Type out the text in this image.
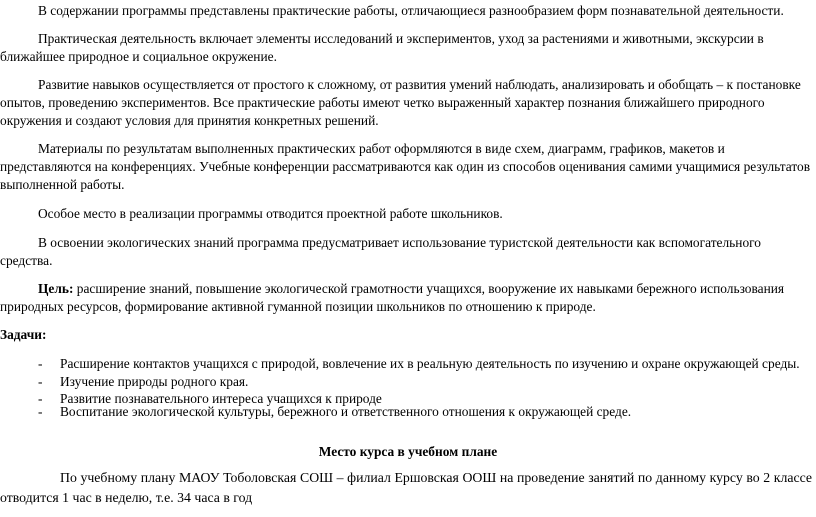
В содержании программы представлены практические работы, отличающиеся разнообразием форм познавательной деятельности.

Практическая деятельность включает элементы исследований и экспериментов, уход за растениями и животными, экскурсии в ближайшее природное и социальное окружение.

Развитие навыков осуществляется от простого к сложному, от развития умений наблюдать, анализировать и обобщать – к постановке опытов, проведению экспериментов. Все практические работы имеют четко выраженный характер познания ближайшего природного окружения и создают условия для принятия конкретных решений.

Материалы по результатам выполненных практических работ оформляются в виде схем, диаграмм, графиков, макетов и представляются на конференциях. Учебные конференции рассматриваются как один из способов оценивания самими учащимися результатов выполненной работы.

Особое место в реализации программы отводится проектной работе школьников.

В освоении экологических знаний программа предусматривает использование туристской деятельности как вспомогательного средства.

Цель: расширение знаний, повышение экологической грамотности учащихся, вооружение их навыками бережного использования природных ресурсов, формирование активной гуманной позиции школьников по отношению к природе.

Задачи:
- Расширение контактов учащихся с природой, вовлечение их в реальную деятельность по изучению и охране окружающей среды.
- Изучение природы родного края.
- Развитие познавательного интереса учащихся к природе
- Воспитание экологической культуры, бережного и ответственного отношения к окружающей среде.
Место курса в учебном плане

По учебному плану МАОУ Тоболовская СОШ – филиал Ершовская ООШ на проведение занятий по данному курсу во 2 классе отводится 1 час в неделю, т.е. 34 часа в год
